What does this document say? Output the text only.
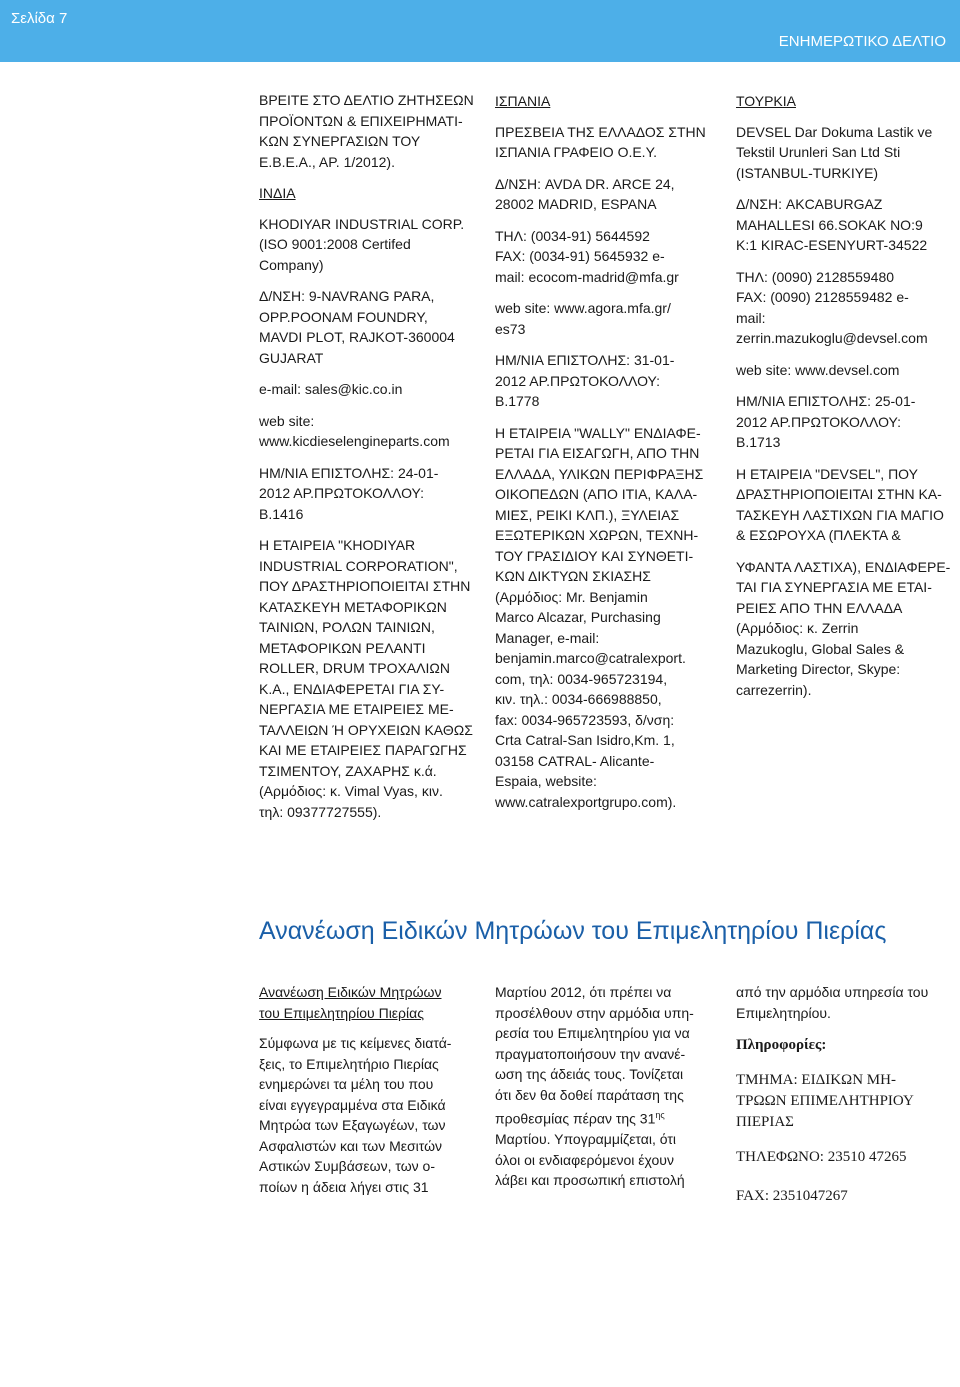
Σελίδα 7
ΕΝΗΜΕΡΩΤΙΚΟ ΔΕΛΤΙΟ

ΒΡΕΙΤΕ ΣΤΟ ΔΕΛΤΙΟ ΖΗΤΗΣΕΩΝ
ΠΡΟΪΟΝΤΩΝ & ΕΠΙΧΕΙΡΗΜΑΤΙ-
ΚΩΝ ΣΥΝΕΡΓΑΣΙΩΝ ΤΟΥ
Ε.Β.Ε.Α., ΑΡ. 1/2012).

ΙΝΔΙΑ

KHODIYAR INDUSTRIAL CORP.
(ISO 9001:2008 Certifed
Company)

Δ/ΝΣΗ: 9-NAVRANG PARA,
OPP.POONAM FOUNDRY,
MAVDI PLOT, RAJKOT-360004
GUJARAT

e-mail: sales@kic.co.in

web site:
www.kicdieselengineparts.com

ΗΜ/ΝΙΑ ΕΠΙΣΤΟΛΗΣ: 24-01-
2012 ΑΡ.ΠΡΩΤΟΚΟΛΛΟΥ:
Β.1416

Η ΕΤΑΙΡΕΙΑ "KHODIYAR
INDUSTRIAL CORPORATION",
ΠΟΥ ΔΡΑΣΤΗΡΙΟΠΟΙΕΙΤΑΙ ΣΤΗΝ
ΚΑΤΑΣΚΕΥΗ ΜΕΤΑΦΟΡΙΚΩΝ
ΤΑΙΝΙΩΝ, ΡΟΛΩΝ ΤΑΙΝΙΩΝ,
ΜΕΤΑΦΟΡΙΚΩΝ ΡΕΛΑΝΤΙ
ROLLER, DRUM ΤΡΟΧΑΛΙΩΝ
Κ.Α., ΕΝΔΙΑΦΕΡΕΤΑΙ ΓΙΑ ΣΥ-
ΝΕΡΓΑΣΙΑ ΜΕ ΕΤΑΙΡΕΙΕΣ ΜΕ-
ΤΑΛΛΕΙΩΝ Ή ΟΡΥΧΕΙΩΝ ΚΑΘΩΣ
ΚΑΙ ΜΕ ΕΤΑΙΡΕΙΕΣ ΠΑΡΑΓΩΓΗΣ
ΤΣΙΜΕΝΤΟΥ, ΖΑΧΑΡΗΣ κ.ά.
(Αρμόδιος: κ. Vimal Vyas, κιν.
τηλ: 09377727555).

ΙΣΠΑΝΙΑ

ΠΡΕΣΒΕΙΑ ΤΗΣ ΕΛΛΑΔΟΣ ΣΤΗΝ
ΙΣΠΑΝΙΑ ΓΡΑΦΕΙΟ Ο.Ε.Υ.

Δ/ΝΣΗ: AVDA DR. ARCE 24,
28002 MADRID, ESPANA

ΤΗΛ: (0034-91) 5644592
FAX: (0034-91) 5645932 e-
mail: ecocom-madrid@mfa.gr

web site: www.agora.mfa.gr/
es73

ΗΜ/ΝΙΑ ΕΠΙΣΤΟΛΗΣ: 31-01-
2012 ΑΡ.ΠΡΩΤΟΚΟΛΛΟΥ:
Β.1778

Η ΕΤΑΙΡΕΙΑ "WALLY" ΕΝΔΙΑΦΕ-
ΡΕΤΑΙ ΓΙΑ ΕΙΣΑΓΩΓΗ, ΑΠΟ ΤΗΝ
ΕΛΛΑΔΑ, ΥΛΙΚΩΝ ΠΕΡΙΦΡΑΞΗΣ
ΟΙΚΟΠΕΔΩΝ (ΑΠΟ ΙΤΙΑ, ΚΑΛΑ-
ΜΙΕΣ, ΡΕΙΚΙ ΚΛΠ.), ΞΥΛΕΙΑΣ
ΕΞΩΤΕΡΙΚΩΝ ΧΩΡΩΝ, ΤΕΧΝΗ-
ΤΟΥ ΓΡΑΣΙΔΙΟΥ ΚΑΙ ΣΥΝΘΕΤΙ-
ΚΩΝ ΔΙΚΤΥΩΝ ΣΚΙΑΣΗΣ
(Αρμόδιος: Mr. Benjamin
Marco Alcazar, Purchasing
Manager, e-mail:
benjamin.marco@catralexport.
com, τηλ: 0034-965723194,
κιν. τηλ.: 0034-666988850,
fax: 0034-965723593, δ/νση:
Crta Catral-San Isidro,Km. 1,
03158 CATRAL- Alicante-
Espaia, website:
www.catralexportgrupo.com).

ΤΟΥΡΚΙΑ

DEVSEL Dar Dokuma Lastik ve
Tekstil Urunleri San Ltd Sti
(ISTANBUL-TURKIYE)

Δ/ΝΣΗ: AKCABURGAZ
MAHALLESI 66.SOKAK NO:9
K:1 KIRAC-ESENYURT-34522

ΤΗΛ: (0090) 2128559480
FAX: (0090) 2128559482 e-
mail:
zerrin.mazukoglu@devsel.com

web site: www.devsel.com

ΗΜ/ΝΙΑ ΕΠΙΣΤΟΛΗΣ: 25-01-
2012 ΑΡ.ΠΡΩΤΟΚΟΛΛΟΥ:
Β.1713

Η ΕΤΑΙΡΕΙΑ "DEVSEL", ΠΟΥ
ΔΡΑΣΤΗΡΙΟΠΟΙΕΙΤΑΙ ΣΤΗΝ ΚΑ-
ΤΑΣΚΕΥΗ ΛΑΣΤΙΧΩΝ ΓΙΑ ΜΑΓΙΟ
& ΕΣΩΡΟΥΧΑ (ΠΛΕΚΤΑ &

ΥΦΑΝΤΑ ΛΑΣΤΙΧΑ), ΕΝΔΙΑΦΕΡΕ-
ΤΑΙ ΓΙΑ ΣΥΝΕΡΓΑΣΙΑ ΜΕ ΕΤΑΙ-
ΡΕΙΕΣ ΑΠΟ ΤΗΝ ΕΛΛΑΔΑ
(Αρμόδιος: κ. Zerrin
Mazukoglu, Global Sales &
Marketing Director, Skype:
carrezerrin).

Ανανέωση Ειδικών Μητρώων του Επιμελητηρίου Πιερίας

Ανανέωση Ειδικών Μητρώων
του Επιμελητηρίου Πιερίας

Σύμφωνα με τις κείμενες διατά-
ξεις, το Επιμελητήριο Πιερίας
ενημερώνει τα μέλη του που
είναι εγγεγραμμένα στα Ειδικά
Μητρώα των Εξαγωγέων, των
Ασφαλιστών και των Μεσιτών
Αστικών Συμβάσεων, των ο-
ποίων η άδεια λήγει στις 31

Μαρτίου 2012, ότι πρέπει να
προσέλθουν στην αρμόδια υπη-
ρεσία του Επιμελητηρίου για να
πραγματοποιήσουν την ανανέ-
ωση της άδειάς τους. Τονίζεται
ότι δεν θα δοθεί παράταση της
προθεσμίας πέραν της $31^{\eta\varsigma}$
Μαρτίου. Υπογραμμίζεται, ότι
όλοι οι ενδιαφερόμενοι έχουν
λάβει και προσωπική επιστολή

από την αρμόδια υπηρεσία του
Επιμελητηρίου.

Πληροφορίες:

ΤΜΗΜΑ: ΕΙΔΙΚΩΝ ΜΗ-
ΤΡΩΩΝ ΕΠΙΜΕΛΗΤΗΡΙΟΥ
ΠΙΕΡΙΑΣ

ΤΗΛΕΦΩΝΟ: 23510 47265

FAX: 2351047267
